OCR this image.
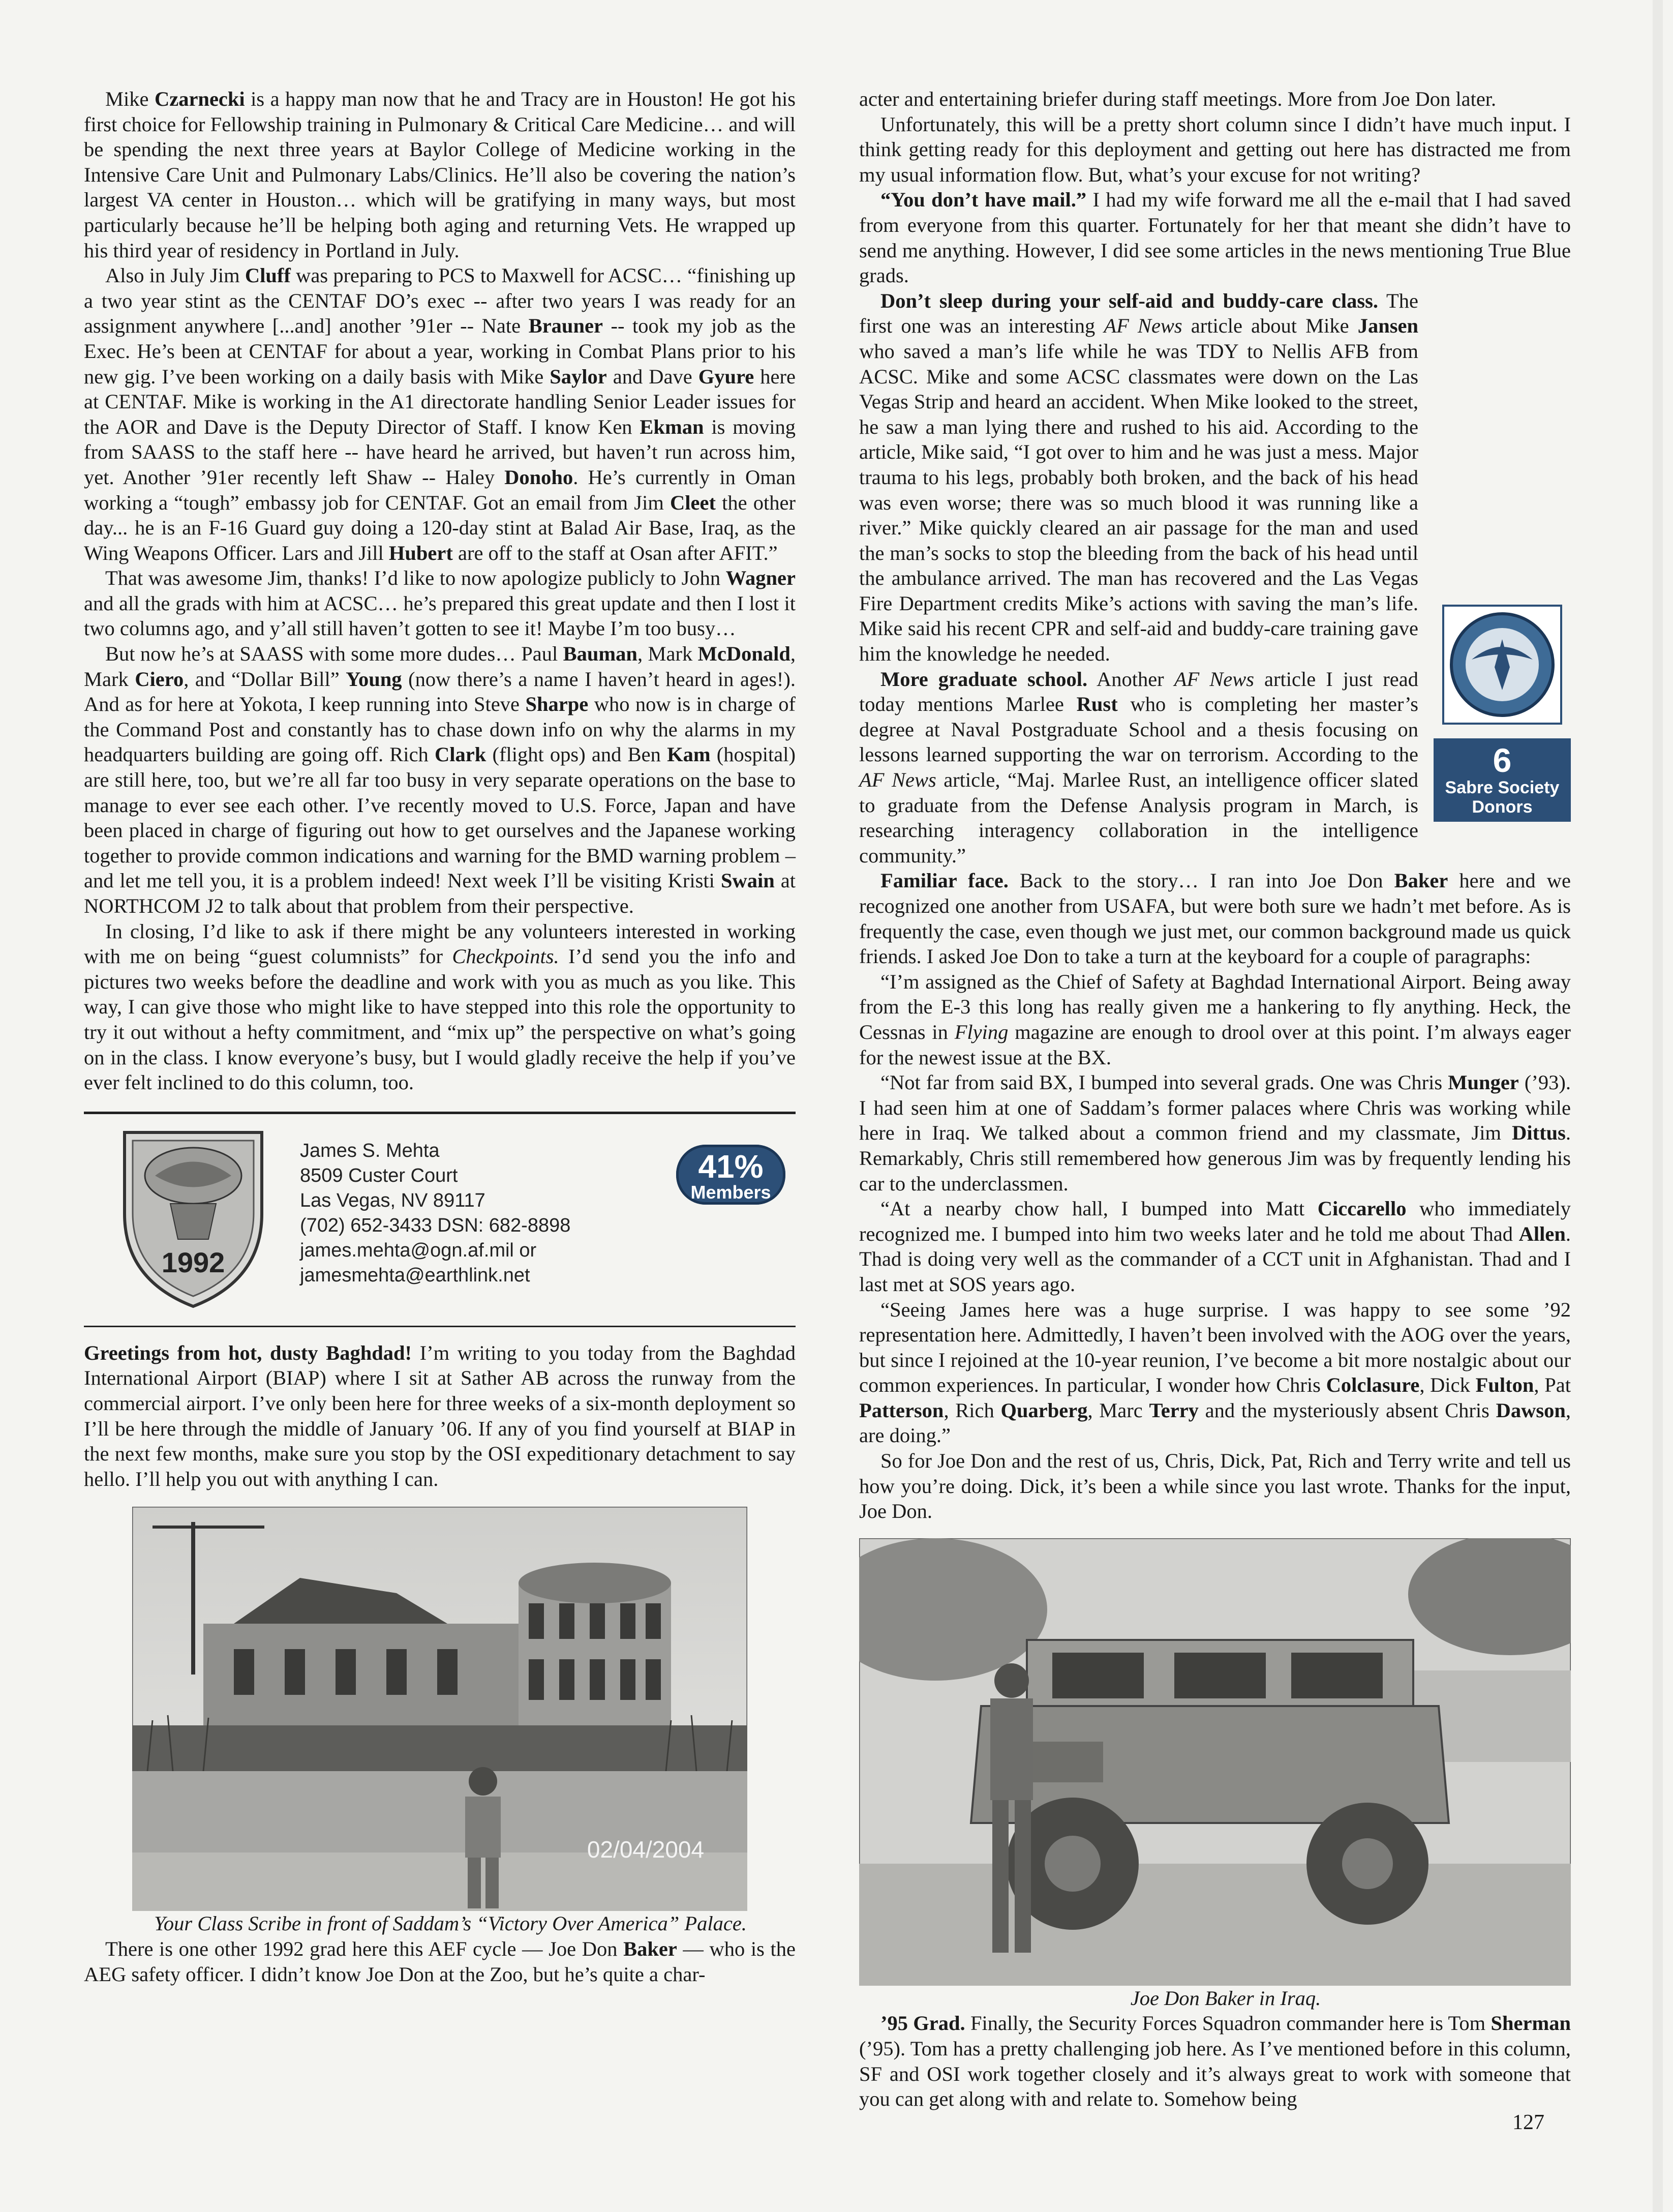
Mike Czarnecki is a happy man now that he and Tracy are in Houston! He got his first choice for Fellowship training in Pulmonary & Critical Care Medicine… and will be spending the next three years at Baylor College of Medicine working in the Intensive Care Unit and Pulmonary Labs/Clinics. He’ll also be covering the nation’s largest VA center in Houston… which will be gratifying in many ways, but most particularly because he’ll be helping both aging and returning Vets. He wrapped up his third year of residency in Portland in July.

Also in July Jim Cluff was preparing to PCS to Maxwell for ACSC… “finishing up a two year stint as the CENTAF DO’s exec -- after two years I was ready for an assignment anywhere [...and] another ’91er -- Nate Brauner -- took my job as the Exec. He’s been at CENTAF for about a year, working in Combat Plans prior to his new gig. I’ve been working on a daily basis with Mike Saylor and Dave Gyure here at CENTAF. Mike is working in the A1 directorate handling Senior Leader issues for the AOR and Dave is the Deputy Director of Staff. I know Ken Ekman is moving from SAASS to the staff here -- have heard he arrived, but haven’t run across him, yet. Another ’91er recently left Shaw -- Haley Donoho. He’s currently in Oman working a “tough” embassy job for CENTAF. Got an email from Jim Cleet the other day... he is an F-16 Guard guy doing a 120-day stint at Balad Air Base, Iraq, as the Wing Weapons Officer. Lars and Jill Hubert are off to the staff at Osan after AFIT.”

That was awesome Jim, thanks! I’d like to now apologize publicly to John Wagner and all the grads with him at ACSC… he’s prepared this great update and then I lost it two columns ago, and y’all still haven’t gotten to see it! Maybe I’m too busy…

But now he’s at SAASS with some more dudes… Paul Bauman, Mark McDonald, Mark Ciero, and “Dollar Bill” Young (now there’s a name I haven’t heard in ages!). And as for here at Yokota, I keep running into Steve Sharpe who now is in charge of the Command Post and constantly has to chase down info on why the alarms in my headquarters building are going off. Rich Clark (flight ops) and Ben Kam (hospital) are still here, too, but we’re all far too busy in very separate operations on the base to manage to ever see each other. I’ve recently moved to U.S. Force, Japan and have been placed in charge of figuring out how to get ourselves and the Japanese working together to provide common indications and warning for the BMD warning problem – and let me tell you, it is a problem indeed! Next week I’ll be visiting Kristi Swain at NORTHCOM J2 to talk about that problem from their perspective.

In closing, I’d like to ask if there might be any volunteers interested in working with me on being “guest columnists” for Checkpoints. I’d send you the info and pictures two weeks before the deadline and work with you as much as you like. This way, I can give those who might like to have stepped into this role the opportunity to try it out without a hefty commitment, and “mix up” the perspective on what’s going on in the class. I know everyone’s busy, but I would gladly receive the help if you’ve ever felt inclined to do this column, too.

1992
James S. Mehta
8509 Custer Court
Las Vegas, NV 89117
(702) 652-3433 DSN: 682-8898
james.mehta@ogn.af.mil or
jamesmehta@earthlink.net
41%
Members

Greetings from hot, dusty Baghdad! I’m writing to you today from the Baghdad International Airport (BIAP) where I sit at Sather AB across the runway from the commercial airport. I’ve only been here for three weeks of a six-month deployment so I’ll be here through the middle of January ’06. If any of you find yourself at BIAP in the next few months, make sure you stop by the OSI expeditionary detachment to say hello. I’ll help you out with anything I can.

02/04/2004

Your Class Scribe in front of Saddam’s “Victory Over America” Palace.

There is one other 1992 grad here this AEF cycle — Joe Don Baker — who is the AEG safety officer. I didn’t know Joe Don at the Zoo, but he’s quite a char-

acter and entertaining briefer during staff meetings. More from Joe Don later.

Unfortunately, this will be a pretty short column since I didn’t have much input. I think getting ready for this deployment and getting out here has distracted me from my usual information flow. But, what’s your excuse for not writing?

“You don’t have mail.” I had my wife forward me all the e-mail that I had saved from everyone from this quarter. Fortunately for her that meant she didn’t have to send me anything. However, I did see some articles in the news mentioning True Blue grads.

6
Sabre Society
Donors

Don’t sleep during your self-aid and buddy-care class. The first one was an interesting AF News article about Mike Jansen who saved a man’s life while he was TDY to Nellis AFB from ACSC. Mike and some ACSC classmates were down on the Las Vegas Strip and heard an accident. When Mike looked to the street, he saw a man lying there and rushed to his aid. According to the article, Mike said, “I got over to him and he was just a mess. Major trauma to his legs, probably both broken, and the back of his head was even worse; there was so much blood it was running like a river.” Mike quickly cleared an air passage for the man and used the man’s socks to stop the bleeding from the back of his head until the ambulance arrived. The man has recovered and the Las Vegas Fire Department credits Mike’s actions with saving the man’s life. Mike said his recent CPR and self-aid and buddy-care training gave him the knowledge he needed.

More graduate school. Another AF News article I just read today mentions Marlee Rust who is completing her master’s degree at Naval Postgraduate School and a thesis focusing on lessons learned supporting the war on terrorism. According to the AF News article, “Maj. Marlee Rust, an intelligence officer slated to graduate from the Defense Analysis program in March, is researching interagency collaboration in the intelligence community.”

Familiar face. Back to the story… I ran into Joe Don Baker here and we recognized one another from USAFA, but were both sure we hadn’t met before. As is frequently the case, even though we just met, our common background made us quick friends. I asked Joe Don to take a turn at the keyboard for a couple of paragraphs:

“I’m assigned as the Chief of Safety at Baghdad International Airport. Being away from the E-3 this long has really given me a hankering to fly anything. Heck, the Cessnas in Flying magazine are enough to drool over at this point. I’m always eager for the newest issue at the BX.

“Not far from said BX, I bumped into several grads. One was Chris Munger (’93). I had seen him at one of Saddam’s former palaces where Chris was working while here in Iraq. We talked about a common friend and my classmate, Jim Dittus. Remarkably, Chris still remembered how generous Jim was by frequently lending his car to the underclassmen.

“At a nearby chow hall, I bumped into Matt Ciccarello who immediately recognized me. I bumped into him two weeks later and he told me about Thad Allen. Thad is doing very well as the commander of a CCT unit in Afghanistan. Thad and I last met at SOS years ago.

“Seeing James here was a huge surprise. I was happy to see some ’92 representation here. Admittedly, I haven’t been involved with the AOG over the years, but since I rejoined at the 10-year reunion, I’ve become a bit more nostalgic about our common experiences. In particular, I wonder how Chris Colclasure, Dick Fulton, Pat Patterson, Rich Quarberg, Marc Terry and the mysteriously absent Chris Dawson, are doing.”

So for Joe Don and the rest of us, Chris, Dick, Pat, Rich and Terry write and tell us how you’re doing. Dick, it’s been a while since you last wrote. Thanks for the input, Joe Don.

Joe Don Baker in Iraq.

’95 Grad. Finally, the Security Forces Squadron commander here is Tom Sherman (’95). Tom has a pretty challenging job here. As I’ve mentioned before in this column, SF and OSI work together closely and it’s always great to work with someone that you can get along with and relate to. Somehow being

127
